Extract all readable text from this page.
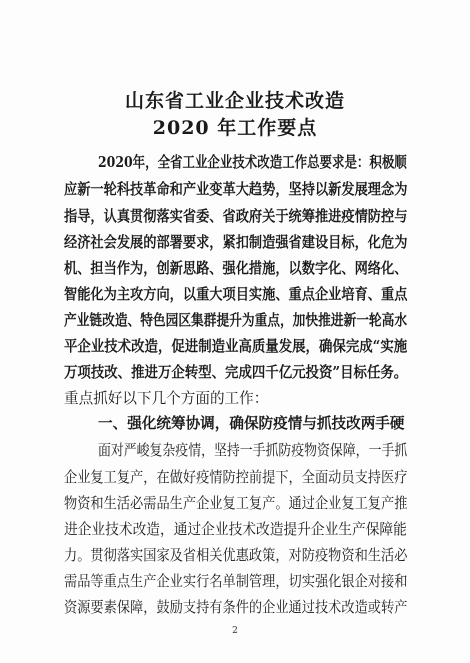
山东省工业企业技术改造
2020 年工作要点
2020年，全省工业企业技术改造工作总要求是：积极顺
应新一轮科技革命和产业变革大趋势，坚持以新发展理念为
指导，认真贯彻落实省委、省政府关于统筹推进疫情防控与
经济社会发展的部署要求，紧扣制造强省建设目标，化危为
机、担当作为，创新思路、强化措施，以数字化、网络化、
智能化为主攻方向，以重大项目实施、重点企业培育、重点
产业链改造、特色园区集群提升为重点，加快推进新一轮高水
平企业技术改造，促进制造业高质量发展，确保完成“实施
万项技改、推进万企转型、完成四千亿元投资”目标任务。
重点抓好以下几个方面的工作：
一、强化统筹协调，确保防疫情与抓技改两手硬
面对严峻复杂疫情，坚持一手抓防疫物资保障，一手抓
企业复工复产，在做好疫情防控前提下，全面动员支持医疗
物资和生活必需品生产企业复工复产。通过企业复工复产推
进企业技术改造，通过企业技术改造提升企业生产保障能
力。贯彻落实国家及省相关优惠政策，对防疫物资和生活必
需品等重点生产企业实行名单制管理，切实强化银企对接和
资源要素保障，鼓励支持有条件的企业通过技术改造或转产
2
